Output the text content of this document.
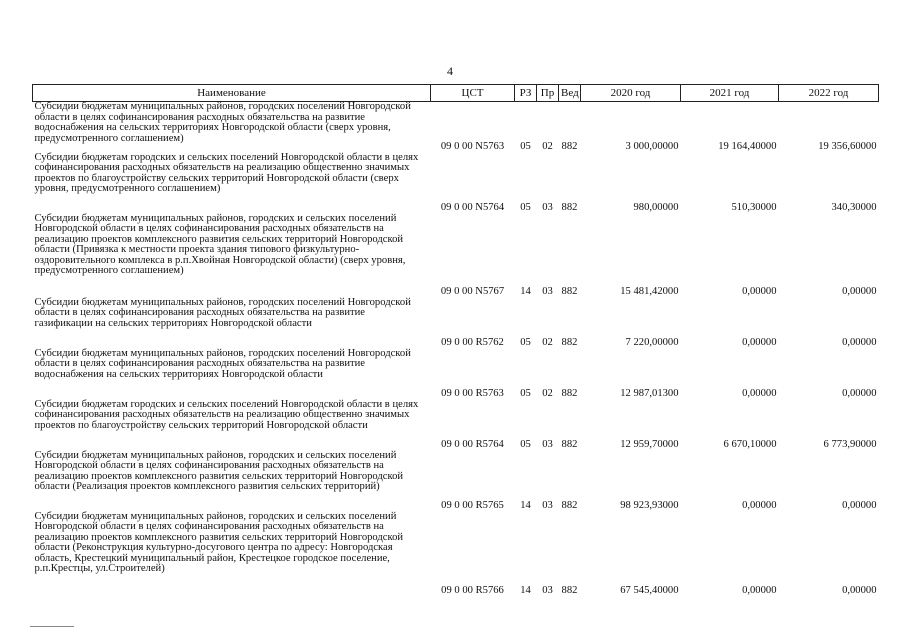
4
Наименование	ЦСТ	РЗ	Пр	Вед	2020 год	2021 год	2022 год
Субсидии бюджетам муниципальных районов, городских поселений Новгородской области в целях софинансирования расходных обязательства на развитие водоснабжения на сельских территориях Новгородской области (сверх уровня, предусмотренного соглашением)	09 0 00 N5763	05	02	882	3 000,00000	19 164,40000	19 356,60000
Субсидии бюджетам городских и сельских поселений Новгородской области в целях софинансирования расходных обязательств на реализацию общественно значимых проектов по благоустройству сельских территорий Новгородской области (сверх уровня, предусмотренного соглашением)	09 0 00 N5764	05	03	882	980,00000	510,30000	340,30000
Субсидии бюджетам муниципальных районов, городских и сельских поселений Новгородской области в целях софинансирования расходных обязательств на реализацию проектов комплексного развития сельских территорий Новгородской области (Привязка к местности проекта здания типового физкультурно-оздоровительного комплекса в р.п.Хвойная Новгородской области) (сверх уровня, предусмотренного соглашением)	09 0 00 N5767	14	03	882	15 481,42000	0,00000	0,00000
Субсидии бюджетам муниципальных районов, городских поселений Новгородской области в целях софинансирования расходных обязательства на развитие газификации на сельских территориях Новгородской области	09 0 00 R5762	05	02	882	7 220,00000	0,00000	0,00000
Субсидии бюджетам муниципальных районов, городских поселений Новгородской области в целях софинансирования расходных обязательства на развитие водоснабжения на сельских территориях Новгородской области	09 0 00 R5763	05	02	882	12 987,01300	0,00000	0,00000
Субсидии бюджетам городских и сельских поселений Новгородской области в целях софинансирования расходных обязательств на реализацию общественно значимых проектов по благоустройству сельских территорий Новгородской области	09 0 00 R5764	05	03	882	12 959,70000	6 670,10000	6 773,90000
Субсидии бюджетам муниципальных районов, городских и сельских поселений Новгородской области в целях софинансирования расходных обязательств на реализацию проектов комплексного развития сельских территорий Новгородской области (Реализация проектов комплексного развития сельских территорий)	09 0 00 R5765	14	03	882	98 923,93000	0,00000	0,00000
Субсидии бюджетам муниципальных районов, городских и сельских поселений Новгородской области в целях софинансирования расходных обязательств на реализацию проектов комплексного развития сельских территорий Новгородской области (Реконструкция культурно-досугового центра по адресу: Новгородская область, Крестецкий муниципальный район, Крестецкое городское поселение, р.п.Крестцы, ул.Строителей)	09 0 00 R5766	14	03	882	67 545,40000	0,00000	0,00000
